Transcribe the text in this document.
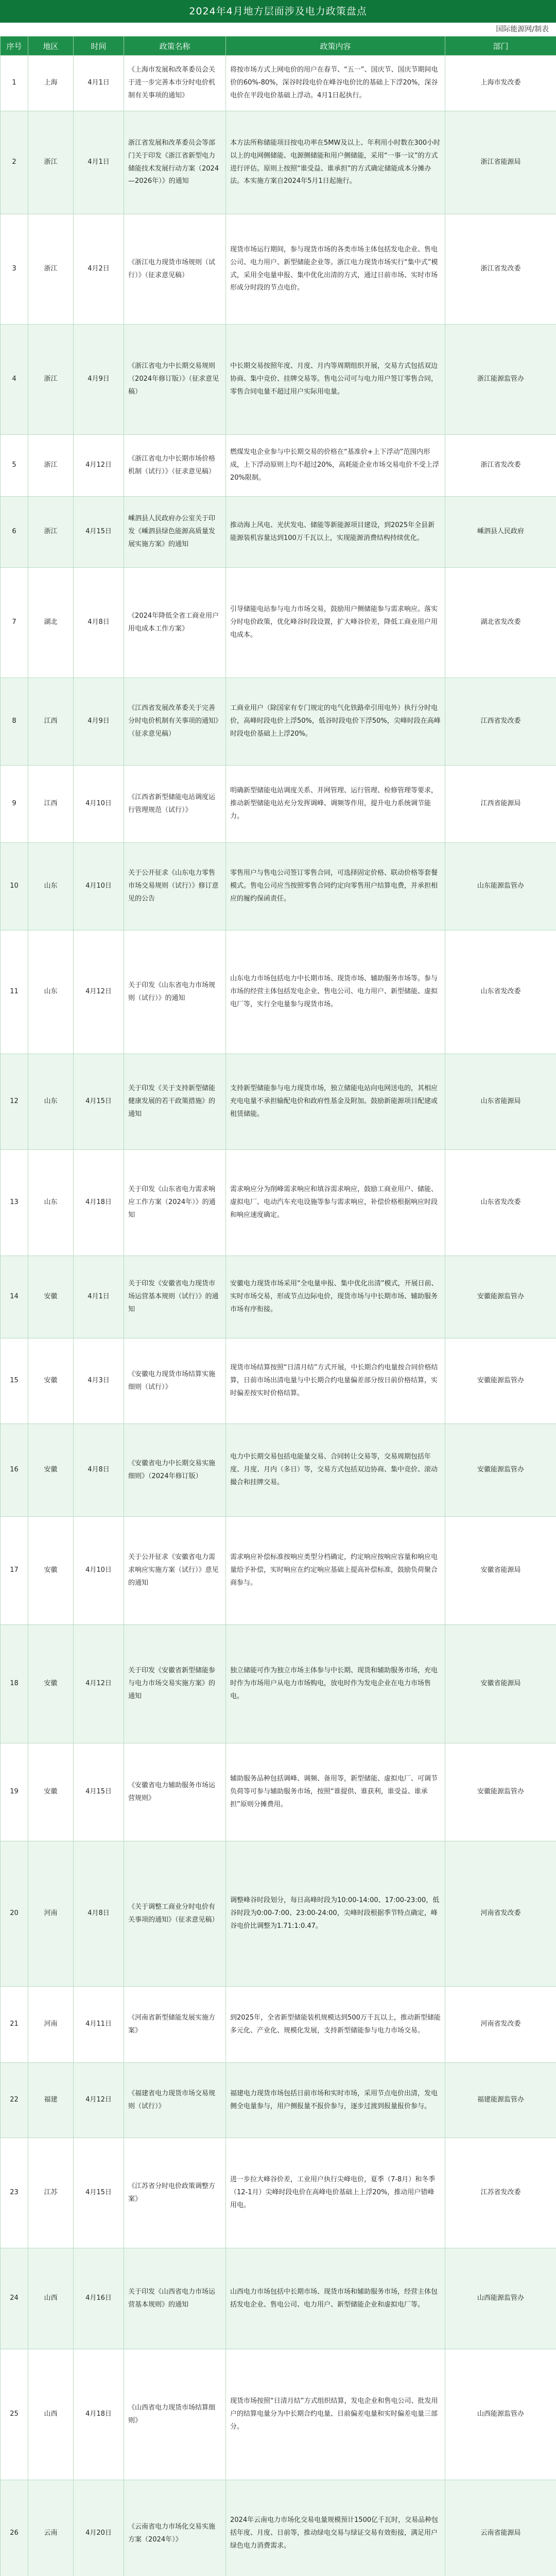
2024年4月地方层面涉及电力政策盘点
国际能源网/制表
序号	地区	时间	政策名称	政策内容	部门
1	上海	4月1日	《上海市发展和改革委员会关于进一步完善本市分时电价机制有关事项的通知》	将按市场方式上网电价的用户在春节、“五一”、国庆节、国庆节期间电价的60%-80%，深谷时段电价在峰谷电价比的基础上下浮20%，深谷电价在平段电价基础上浮动。4月1日起执行。	上海市发改委
2	浙江	4月1日	浙江省发展和改革委员会等部门关于印发《浙江省新型电力储能技术发展行动方案（2024—2026年）》的通知	本方法所称储能项目按电功率在5MW及以上、年利用小时数在300小时以上的电网侧储能、电源侧储能和用户侧储能，采用“一事一议”的方式进行评估。原则上按照“谁受益、谁承担”的方式确定储能成本分摊办法。本实施方案自2024年5月1日起施行。	浙江省能源局
3	浙江	4月2日	《浙江电力现货市场规则（试行）》（征求意见稿）	现货市场运行期间，参与现货市场的各类市场主体包括发电企业、售电公司、电力用户、新型储能企业等。浙江电力现货市场实行“集中式”模式，采用全电量申报、集中优化出清的方式，通过日前市场、实时市场形成分时段的节点电价。	浙江省发改委
4	浙江	4月9日	《浙江省电力中长期交易规则（2024年修订版）》（征求意见稿）	中长期交易按照年度、月度、月内等周期组织开展，交易方式包括双边协商、集中竞价、挂牌交易等。售电公司可与电力用户签订零售合同，零售合同电量不超过用户实际用电量。	浙江能源监管办
5	浙江	4月12日	《浙江省电力中长期市场价格机制（试行）》（征求意见稿）	燃煤发电企业参与中长期交易的价格在“基准价+上下浮动”范围内形成，上下浮动原则上均不超过20%，高耗能企业市场交易电价不受上浮20%限制。	浙江省发改委
6	浙江	4月15日	嵊泗县人民政府办公室关于印发《嵊泗县绿色能源高质量发展实施方案》的通知	推动海上风电、光伏发电、储能等新能源项目建设，到2025年全县新能源装机容量达到100万千瓦以上，实现能源消费结构持续优化。	嵊泗县人民政府
7	湖北	4月8日	《2024年降低全省工商业用户用电成本工作方案》	引导储能电站参与电力市场交易，鼓励用户侧储能参与需求响应。落实分时电价政策，优化峰谷时段设置，扩大峰谷价差，降低工商业用户用电成本。	湖北省发改委
8	江西	4月9日	《江西省发展改革委关于完善分时电价机制有关事项的通知》（征求意见稿）	工商业用户（除国家有专门规定的电气化铁路牵引用电外）执行分时电价，高峰时段电价上浮50%，低谷时段电价下浮50%，尖峰时段在高峰时段电价基础上上浮20%。	江西省发改委
9	江西	4月10日	《江西省新型储能电站调度运行管理规范（试行）》	明确新型储能电站调度关系、并网管理、运行管理、检修管理等要求，推动新型储能电站充分发挥调峰、调频等作用，提升电力系统调节能力。	江西省能源局
10	山东	4月10日	关于公开征求《山东电力零售市场交易规则（试行）》修订意见的公告	零售用户与售电公司签订零售合同，可选择固定价格、联动价格等套餐模式。售电公司应当按照零售合同约定向零售用户结算电费，并承担相应的履约保函责任。	山东能源监管办
11	山东	4月12日	关于印发《山东省电力市场规则（试行）》的通知	山东电力市场包括电力中长期市场、现货市场、辅助服务市场等。参与市场的经营主体包括发电企业、售电公司、电力用户、新型储能、虚拟电厂等，实行全电量参与现货市场。	山东省发改委
12	山东	4月15日	关于印发《关于支持新型储能健康发展的若干政策措施》的通知	支持新型储能参与电力现货市场，独立储能电站向电网送电的，其相应充电电量不承担输配电价和政府性基金及附加。鼓励新能源项目配建或租赁储能。	山东省能源局
13	山东	4月18日	关于印发《山东省电力需求响应工作方案（2024年）》的通知	需求响应分为削峰需求响应和填谷需求响应，鼓励工商业用户、储能、虚拟电厂、电动汽车充电设施等参与需求响应，补偿价格根据响应时段和响应速度确定。	山东省发改委
14	安徽	4月1日	关于印发《安徽省电力现货市场运营基本规则（试行）》的通知	安徽电力现货市场采用“全电量申报、集中优化出清”模式，开展日前、实时市场交易，形成节点边际电价，现货市场与中长期市场、辅助服务市场有序衔接。	安徽能源监管办
15	安徽	4月3日	《安徽电力现货市场结算实施细则（试行）》	现货市场结算按照“日清月结”方式开展，中长期合约电量按合同价格结算，日前市场出清电量与中长期合约电量偏差部分按日前价格结算，实时偏差按实时价格结算。	安徽能源监管办
16	安徽	4月8日	《安徽省电力中长期交易实施细则》（2024年修订版）	电力中长期交易包括电能量交易、合同转让交易等，交易周期包括年度、月度、月内（多日）等，交易方式包括双边协商、集中竞价、滚动撮合和挂牌交易。	安徽能源监管办
17	安徽	4月10日	关于公开征求《安徽省电力需求响应实施方案（试行）》意见的通知	需求响应补偿标准按响应类型分档确定，约定响应按响应容量和响应电量给予补偿，实时响应在约定响应基础上提高补偿标准，鼓励负荷聚合商参与。	安徽省能源局
18	安徽	4月12日	关于印发《安徽省新型储能参与电力市场交易实施方案》的通知	独立储能可作为独立市场主体参与中长期、现货和辅助服务市场，充电时作为市场用户从电力市场购电，放电时作为发电企业在电力市场售电。	安徽省能源局
19	安徽	4月15日	《安徽省电力辅助服务市场运营规则》	辅助服务品种包括调峰、调频、备用等，新型储能、虚拟电厂、可调节负荷等可参与辅助服务市场，按照“谁提供、谁获利，谁受益、谁承担”原则分摊费用。	安徽能源监管办
20	河南	4月8日	《关于调整工商业分时电价有关事项的通知》（征求意见稿）	调整峰谷时段划分，每日高峰时段为10:00-14:00、17:00-23:00，低谷时段为0:00-7:00、23:00-24:00，尖峰时段根据季节特点确定，峰谷电价比调整为1.71:1:0.47。	河南省发改委
21	河南	4月11日	《河南省新型储能发展实施方案》	到2025年，全省新型储能装机规模达到500万千瓦以上，推动新型储能多元化、产业化、规模化发展，支持新型储能参与电力市场交易。	河南省发改委
22	福建	4月12日	《福建省电力现货市场交易规则（试行）》	福建电力现货市场包括日前市场和实时市场，采用节点电价出清，发电侧全电量参与，用户侧报量不报价参与，逐步过渡到报量报价参与。	福建能源监管办
23	江苏	4月15日	《江苏省分时电价政策调整方案》	进一步拉大峰谷价差，工业用户执行尖峰电价，夏季（7-8月）和冬季（12-1月）尖峰时段电价在高峰电价基础上上浮20%，推动用户错峰用电。	江苏省发改委
24	山西	4月16日	关于印发《山西省电力市场运营基本规则》的通知	山西电力市场包括中长期市场、现货市场和辅助服务市场，经营主体包括发电企业、售电公司、电力用户、新型储能企业和虚拟电厂等。	山西能源监管办
25	山西	4月18日	《山西省电力现货市场结算细则》	现货市场按照“日清月结”方式组织结算，发电企业和售电公司、批发用户的结算电量分为中长期合约电量、日前偏差电量和实时偏差电量三部分。	山西能源监管办
26	云南	4月20日	《云南省电力市场化交易实施方案（2024年）》	2024年云南电力市场化交易电量规模预计1500亿千瓦时，交易品种包括年度、月度、日前等，推动绿电交易与绿证交易有效衔接，满足用户绿色电力消费需求。	云南省能源局
